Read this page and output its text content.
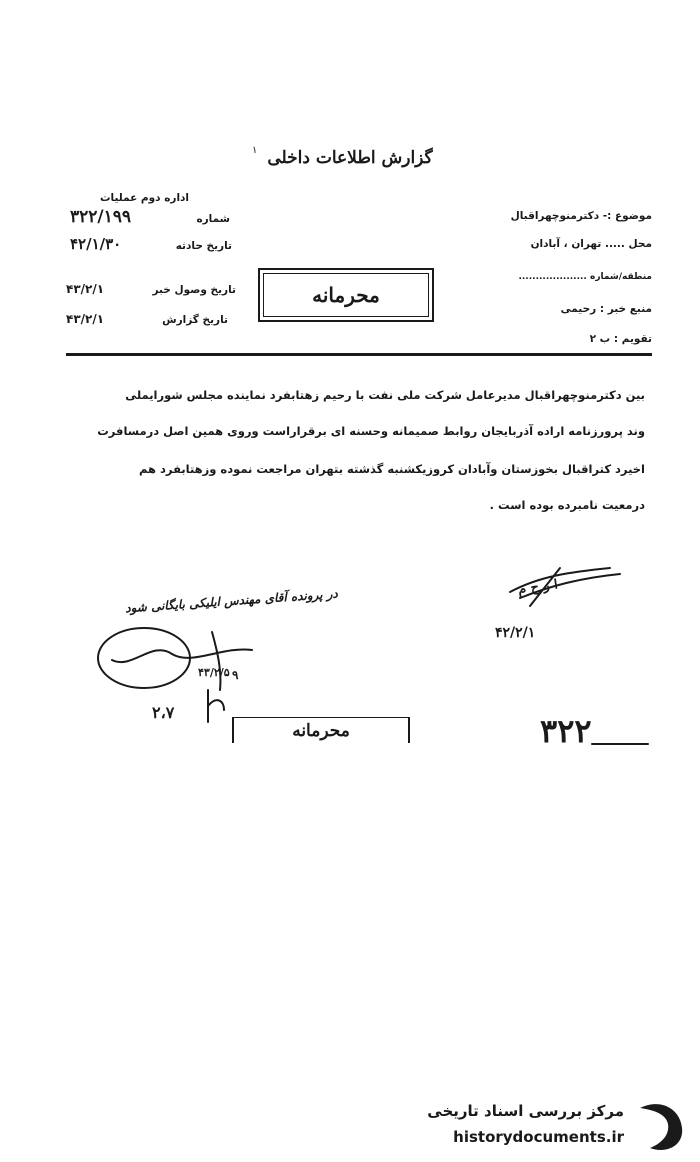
گزارش اطلاعات داخلی
۱
موضوع :- دکترمنوچهراقبال
محل ..... تهران ، آبادان
منطقه/شماره ....................
منبع خبر : رحیمی
تقویم : ب ۲
اداره دوم عملیات
شماره
۳۲۲/۱۹۹
تاریخ حادثه
۴۲/۱/۳۰
تاریخ وصول خبر
۴۳/۲/۱
تاریخ گزارش
۴۳/۲/۱
محرمانه
بین دکترمنوچهراقبال مدیرعامل شرکت ملی نفت با رحیم زهتابفرد نماینده مجلس شورایملی
وند پرورزنامه اراده آذربایجان روابط صمیمانه وحسنه ای برقراراست وروی همین اصل درمسافرت
اخیرد کتراقبال بخوزستان وآبادان کروزیکشنبه گذشته بتهران مراجعت نموده وزهتابفرد هم
درمعیت نامبرده بوده است .
در پرونده آقای مهندس ایلیکی بایگانی شود	ا ر ح م
۴۲/۲/۱
۴۳/۲/۵ ۹
۲،۷
محرمانه	۳۲۲
مرکز بررسی اسناد تاریخی
historydocuments.ir
